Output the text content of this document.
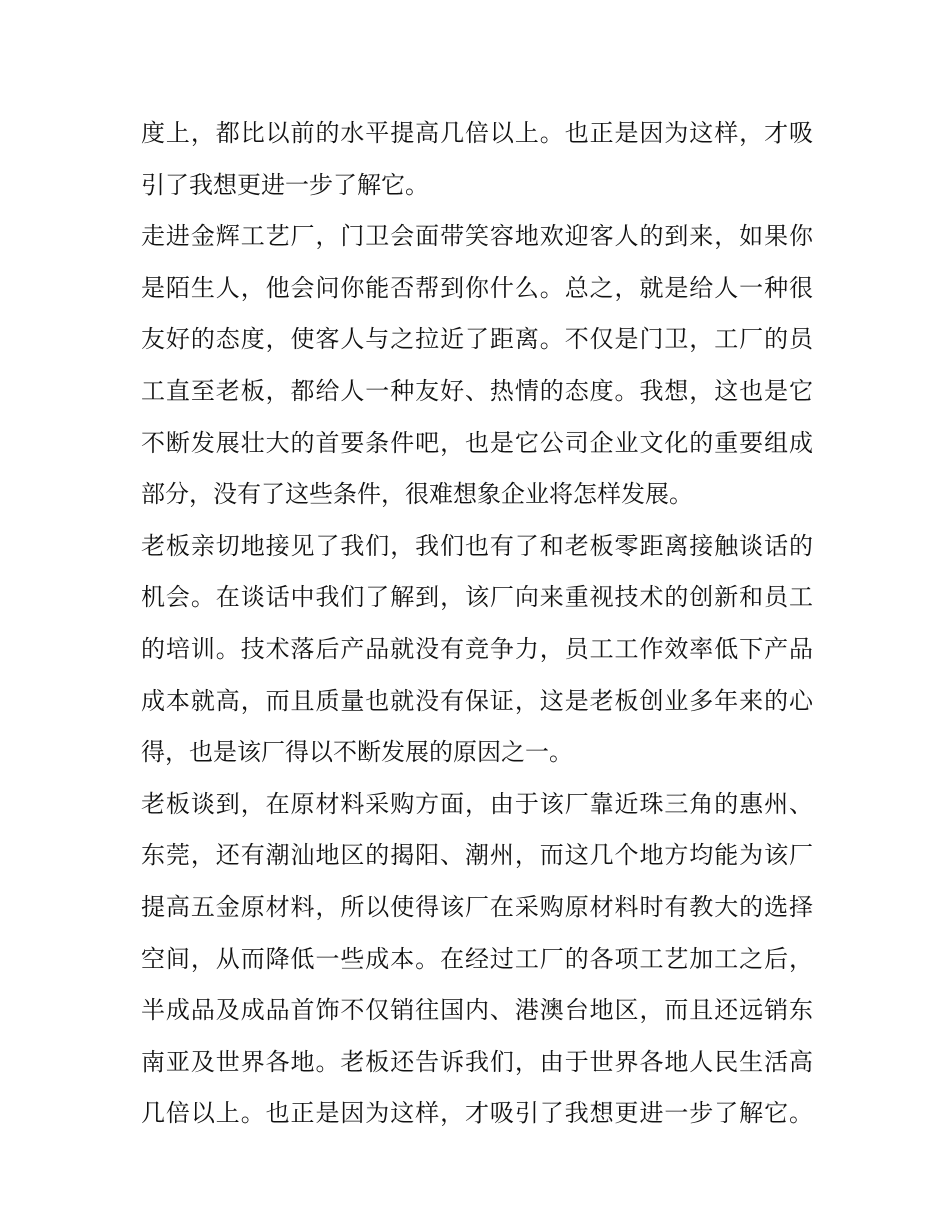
度上，都比以前的水平提高几倍以上。也正是因为这样，才吸
引了我想更进一步了解它。
走进金辉工艺厂，门卫会面带笑容地欢迎客人的到来，如果你
是陌生人，他会问你能否帮到你什么。总之，就是给人一种很
友好的态度，使客人与之拉近了距离。不仅是门卫，工厂的员
工直至老板，都给人一种友好、热情的态度。我想，这也是它
不断发展壮大的首要条件吧，也是它公司企业文化的重要组成
部分，没有了这些条件，很难想象企业将怎样发展。
老板亲切地接见了我们，我们也有了和老板零距离接触谈话的
机会。在谈话中我们了解到，该厂向来重视技术的创新和员工
的培训。技术落后产品就没有竞争力，员工工作效率低下产品
成本就高，而且质量也就没有保证，这是老板创业多年来的心
得，也是该厂得以不断发展的原因之一。
老板谈到，在原材料采购方面，由于该厂靠近珠三角的惠州、
东莞，还有潮汕地区的揭阳、潮州，而这几个地方均能为该厂
提高五金原材料，所以使得该厂在采购原材料时有教大的选择
空间，从而降低一些成本。在经过工厂的各项工艺加工之后，
半成品及成品首饰不仅销往国内、港澳台地区，而且还远销东
南亚及世界各地。老板还告诉我们，由于世界各地人民生活高
几倍以上。也正是因为这样，才吸引了我想更进一步了解它。
